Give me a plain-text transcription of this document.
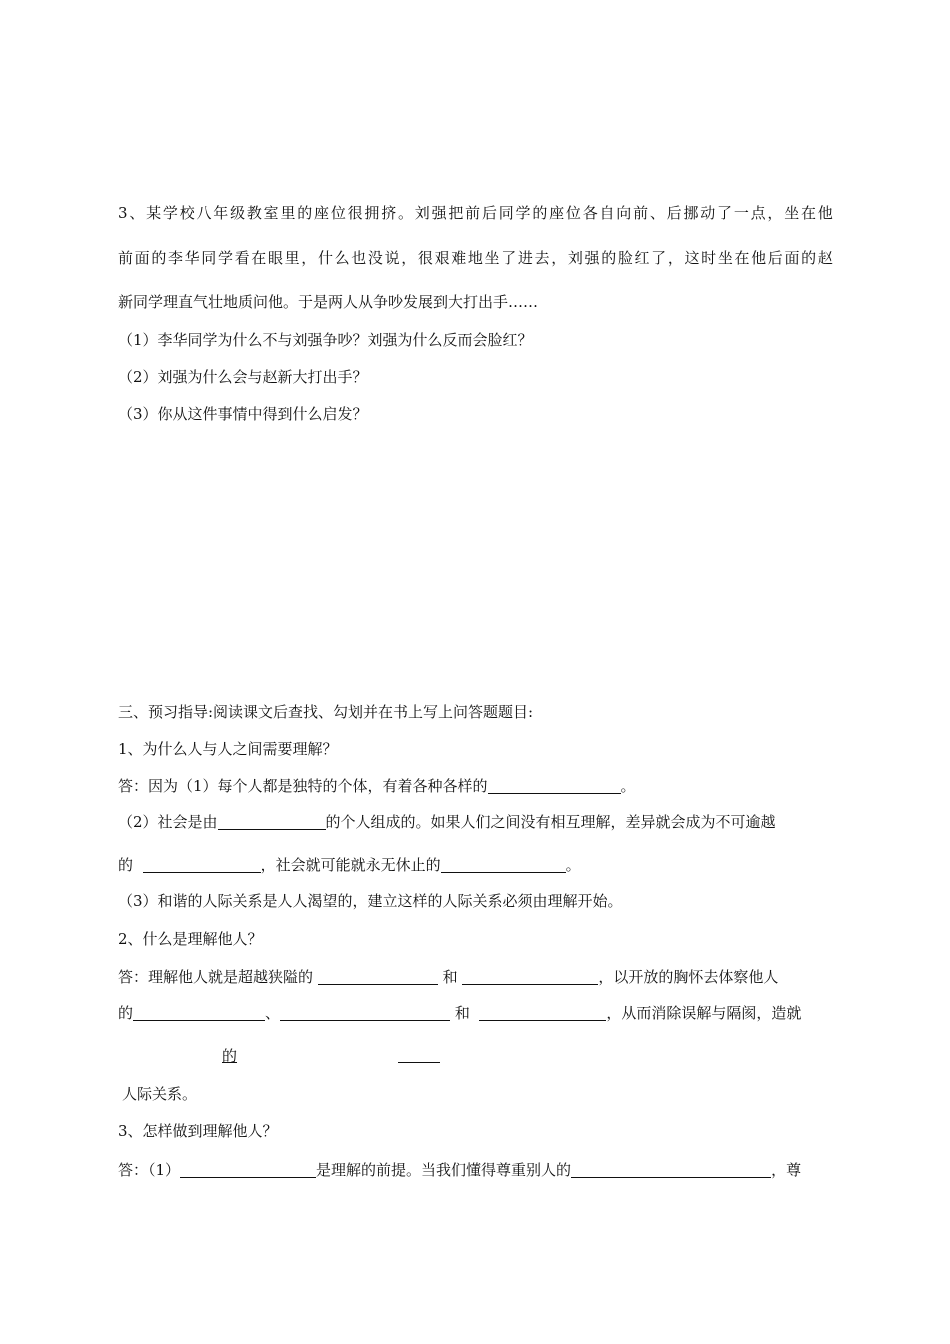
3、某学校八年级教室里的座位很拥挤。刘强把前后同学的座位各自向前、后挪动了一点，坐在他
前面的李华同学看在眼里，什么也没说，很艰难地坐了进去，刘强的脸红了，这时坐在他后面的赵
新同学理直气壮地质问他。于是两人从争吵发展到大打出手……
（1）李华同学为什么不与刘强争吵？刘强为什么反而会脸红？
（2）刘强为什么会与赵新大打出手？
（3）你从这件事情中得到什么启发？
三、预习指导:阅读课文后查找、勾划并在书上写上问答题题目:
1、为什么人与人之间需要理解？
答：因为（1）每个人都是独特的个体，有着各种各样的	。
（2）社会是由	的个人组成的。如果人们之间没有相互理解，差异就会成为不可逾越
的	，社会就可能就永无休止的	。
（3）和谐的人际关系是人人渴望的，建立这样的人际关系必须由理解开始。
2、什么是理解他人？
答：理解他人就是超越狭隘的	和	，以开放的胸怀去体察他人
的	、	和	，从而消除误解与隔阂，造就
的
人际关系。
3、怎样做到理解他人？
答：（1）	是理解的前提。当我们懂得尊重别人的	，尊
